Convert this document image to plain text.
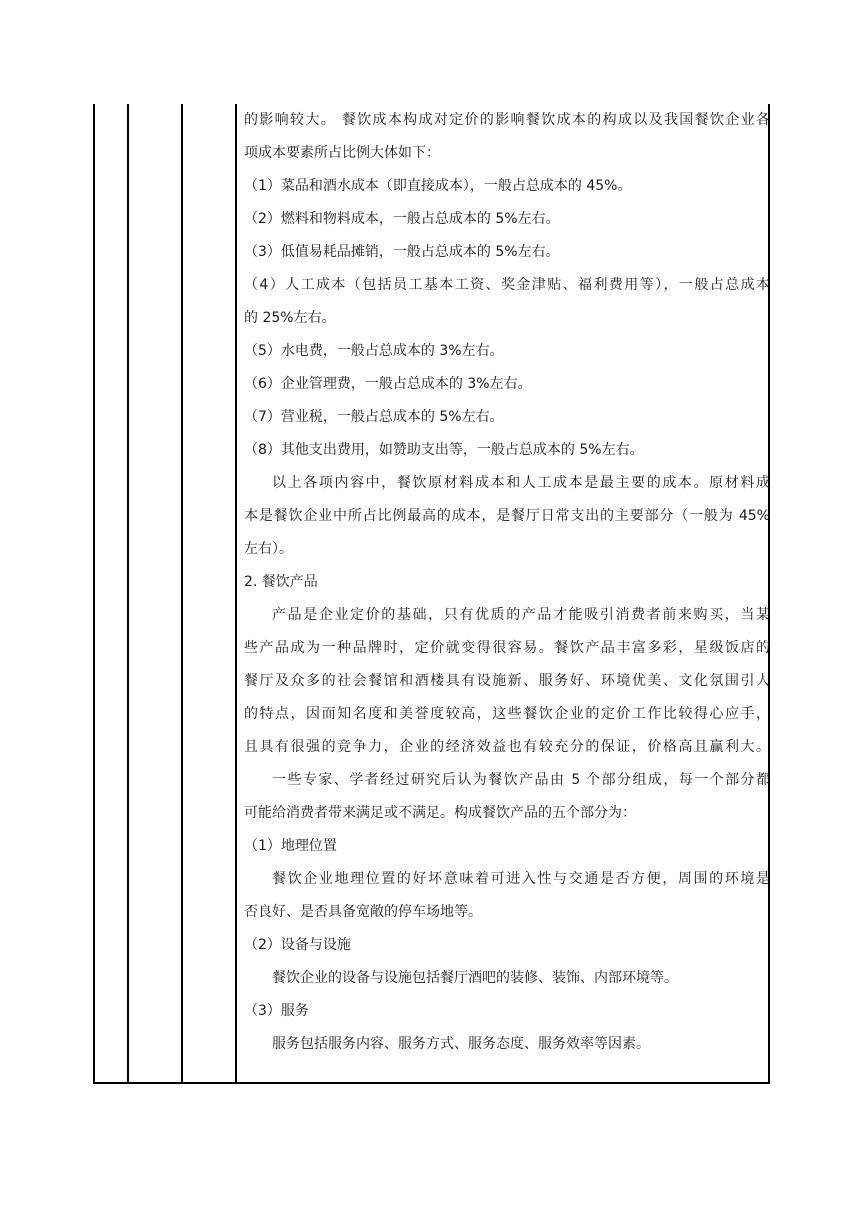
的影响较大。 餐饮成本构成对定价的影响餐饮成本的构成以及我国餐饮企业各
项成本要素所占比例大体如下：
（1）菜品和酒水成本（即直接成本），一般占总成本的 45%。
（2）燃料和物料成本，一般占总成本的 5%左右。
（3）低值易耗品摊销，一般占总成本的 5%左右。
（4）人工成本（包括员工基本工资、奖金津贴、福利费用等），一般占总成本
的 25%左右。
（5）水电费，一般占总成本的 3%左右。
（6）企业管理费，一般占总成本的 3%左右。
（7）营业税，一般占总成本的 5%左右。
（8）其他支出费用，如赞助支出等，一般占总成本的 5%左右。
以上各项内容中，餐饮原材料成本和人工成本是最主要的成本。原材料成
本是餐饮企业中所占比例最高的成本，是餐厅日常支出的主要部分（一般为 45%
左右）。
2. 餐饮产品
产品是企业定价的基础，只有优质的产品才能吸引消费者前来购买，当某
些产品成为一种品牌时，定价就变得很容易。餐饮产品丰富多彩，星级饭店的
餐厅及众多的社会餐馆和酒楼具有设施新、服务好、环境优美、文化氛围引人
的特点，因而知名度和美誉度较高，这些餐饮企业的定价工作比较得心应手，
且具有很强的竞争力，企业的经济效益也有较充分的保证，价格高且赢利大。
一些专家、学者经过研究后认为餐饮产品由 5 个部分组成，每一个部分都
可能给消费者带来满足或不满足。构成餐饮产品的五个部分为：
（1）地理位置
餐饮企业地理位置的好坏意味着可进入性与交通是否方便，周围的环境是
否良好、是否具备宽敞的停车场地等。
（2）设备与设施
餐饮企业的设备与设施包括餐厅酒吧的装修、装饰、内部环境等。
（3）服务
服务包括服务内容、服务方式、服务态度、服务效率等因素。
